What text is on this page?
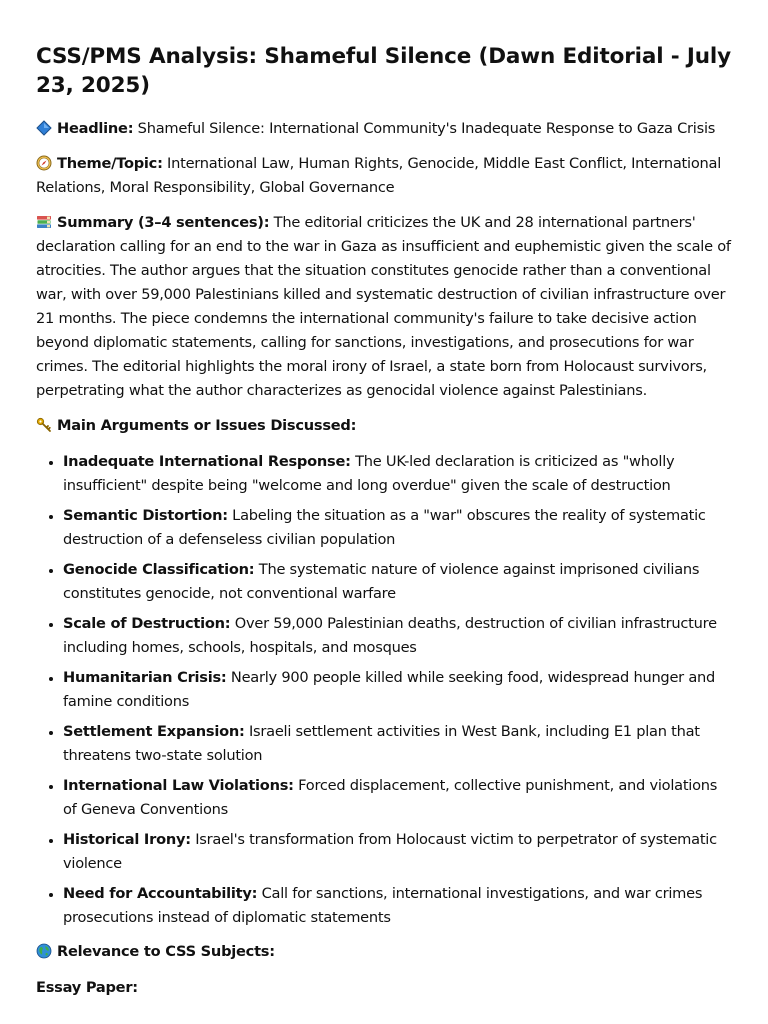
CSS/PMS Analysis: Shameful Silence (Dawn Editorial - July 23, 2025)

Headline: Shameful Silence: International Community's Inadequate Response to Gaza Crisis

Theme/Topic: International Law, Human Rights, Genocide, Middle East Conflict, International Relations, Moral Responsibility, Global Governance

Summary (3–4 sentences): The editorial criticizes the UK and 28 international partners' declaration calling for an end to the war in Gaza as insufficient and euphemistic given the scale of atrocities. The author argues that the situation constitutes genocide rather than a conventional war, with over 59,000 Palestinians killed and systematic destruction of civilian infrastructure over 21 months. The piece condemns the international community's failure to take decisive action beyond diplomatic statements, calling for sanctions, investigations, and prosecutions for war crimes. The editorial highlights the moral irony of Israel, a state born from Holocaust survivors, perpetrating what the author characterizes as genocidal violence against Palestinians.

Main Arguments or Issues Discussed:

• Inadequate International Response: The UK-led declaration is criticized as "wholly insufficient" despite being "welcome and long overdue" given the scale of destruction
• Semantic Distortion: Labeling the situation as a "war" obscures the reality of systematic destruction of a defenseless civilian population
• Genocide Classification: The systematic nature of violence against imprisoned civilians constitutes genocide, not conventional warfare
• Scale of Destruction: Over 59,000 Palestinian deaths, destruction of civilian infrastructure including homes, schools, hospitals, and mosques
• Humanitarian Crisis: Nearly 900 people killed while seeking food, widespread hunger and famine conditions
• Settlement Expansion: Israeli settlement activities in West Bank, including E1 plan that threatens two-state solution
• International Law Violations: Forced displacement, collective punishment, and violations of Geneva Conventions
• Historical Irony: Israel's transformation from Holocaust victim to perpetrator of systematic violence
• Need for Accountability: Call for sanctions, international investigations, and war crimes prosecutions instead of diplomatic statements

Relevance to CSS Subjects:

Essay Paper:
